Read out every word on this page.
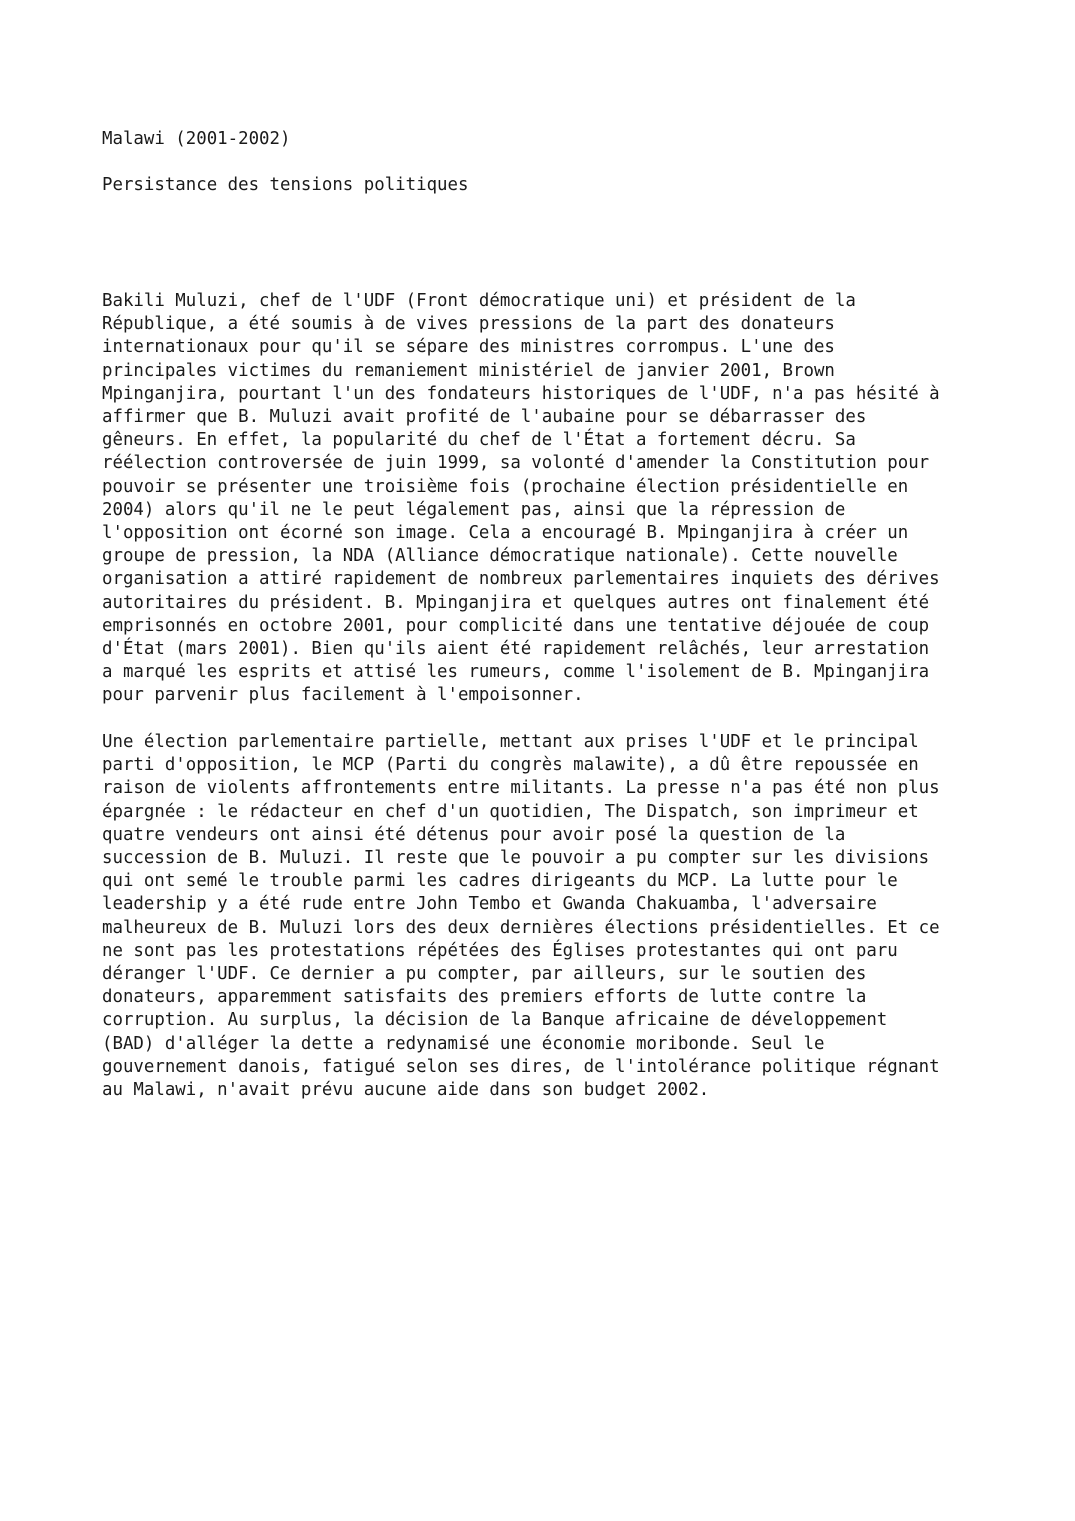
Malawi (2001-2002)

Persistance des tensions politiques

Bakili Muluzi, chef de l'UDF (Front démocratique uni) et président de la
République, a été soumis à de vives pressions de la part des donateurs
internationaux pour qu'il se sépare des ministres corrompus. L'une des
principales victimes du remaniement ministériel de janvier 2001, Brown
Mpinganjira, pourtant l'un des fondateurs historiques de l'UDF, n'a pas hésité à
affirmer que B. Muluzi avait profité de l'aubaine pour se débarrasser des
gêneurs. En effet, la popularité du chef de l'État a fortement décru. Sa
réélection controversée de juin 1999, sa volonté d'amender la Constitution pour
pouvoir se présenter une troisième fois (prochaine élection présidentielle en
2004) alors qu'il ne le peut légalement pas, ainsi que la répression de
l'opposition ont écorné son image. Cela a encouragé B. Mpinganjira à créer un
groupe de pression, la NDA (Alliance démocratique nationale). Cette nouvelle
organisation a attiré rapidement de nombreux parlementaires inquiets des dérives
autoritaires du président. B. Mpinganjira et quelques autres ont finalement été
emprisonnés en octobre 2001, pour complicité dans une tentative déjouée de coup
d'État (mars 2001). Bien qu'ils aient été rapidement relâchés, leur arrestation
a marqué les esprits et attisé les rumeurs, comme l'isolement de B. Mpinganjira
pour parvenir plus facilement à l'empoisonner.

Une élection parlementaire partielle, mettant aux prises l'UDF et le principal
parti d'opposition, le MCP (Parti du congrès malawite), a dû être repoussée en
raison de violents affrontements entre militants. La presse n'a pas été non plus
épargnée : le rédacteur en chef d'un quotidien, The Dispatch, son imprimeur et
quatre vendeurs ont ainsi été détenus pour avoir posé la question de la
succession de B. Muluzi. Il reste que le pouvoir a pu compter sur les divisions
qui ont semé le trouble parmi les cadres dirigeants du MCP. La lutte pour le
leadership y a été rude entre John Tembo et Gwanda Chakuamba, l'adversaire
malheureux de B. Muluzi lors des deux dernières élections présidentielles. Et ce
ne sont pas les protestations répétées des Églises protestantes qui ont paru
déranger l'UDF. Ce dernier a pu compter, par ailleurs, sur le soutien des
donateurs, apparemment satisfaits des premiers efforts de lutte contre la
corruption. Au surplus, la décision de la Banque africaine de développement
(BAD) d'alléger la dette a redynamisé une économie moribonde. Seul le
gouvernement danois, fatigué selon ses dires, de l'intolérance politique régnant
au Malawi, n'avait prévu aucune aide dans son budget 2002.
